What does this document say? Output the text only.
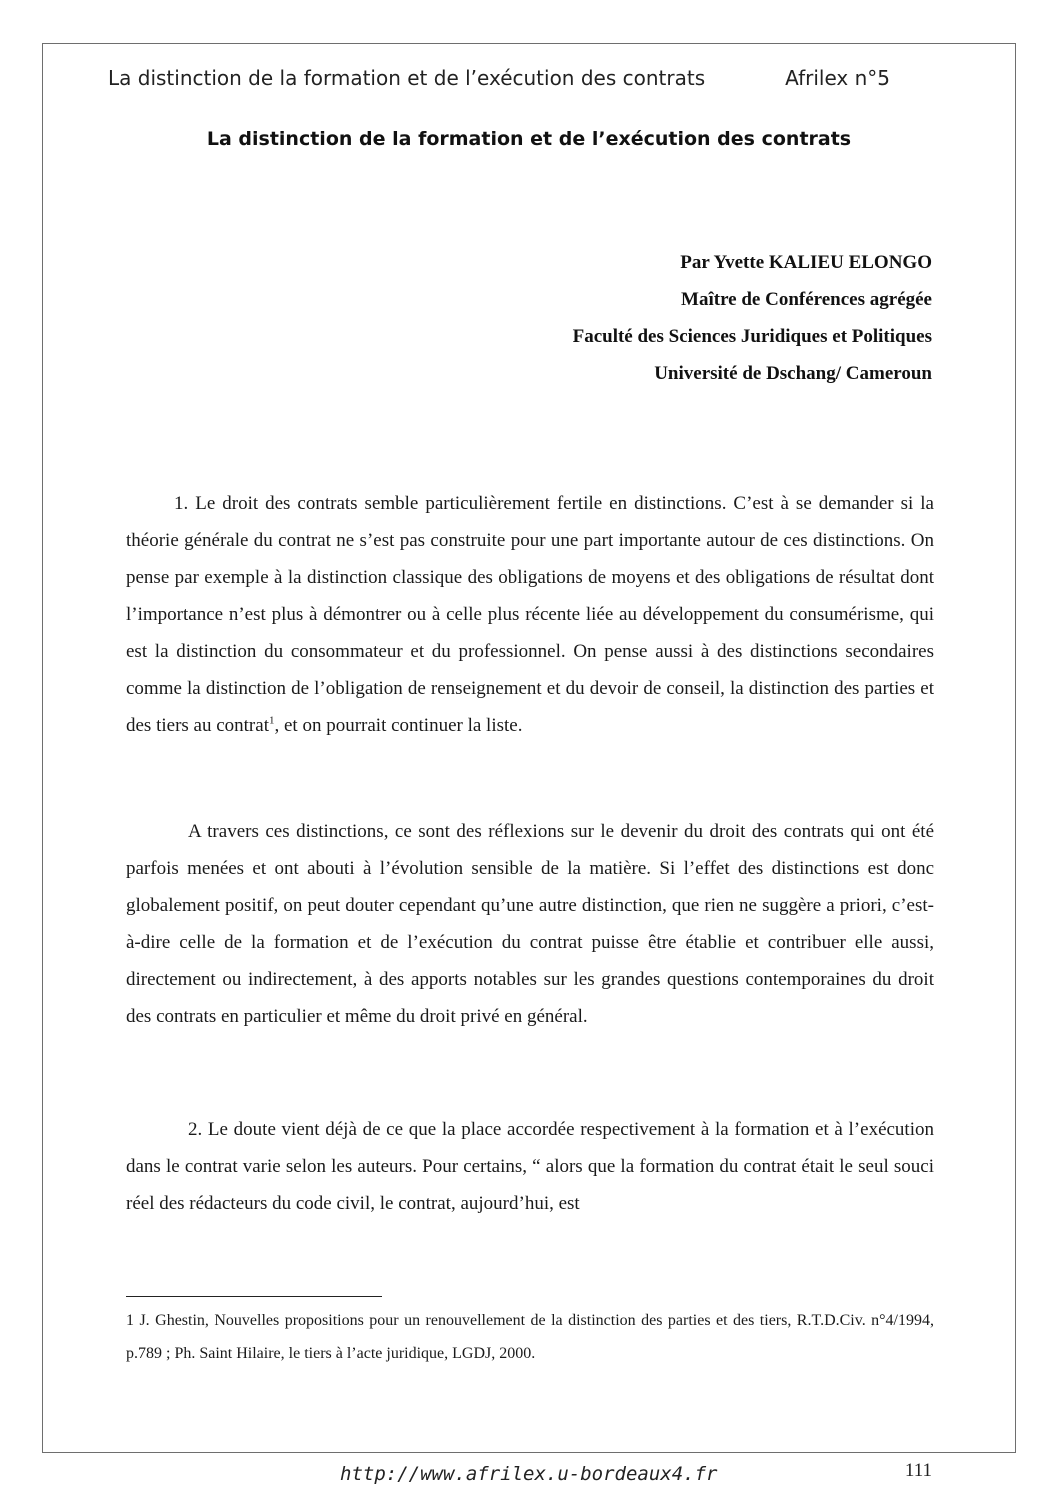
La distinction de la formation et de l’exécution des contrats	Afrilex n°5
La distinction de la formation et de l’exécution des contrats
Par Yvette KALIEU ELONGO
Maître de Conférences agrégée
Faculté des Sciences Juridiques et Politiques
Université de Dschang/ Cameroun

1. Le droit des contrats semble particulièrement fertile en distinctions. C’est à se demander si la théorie générale du contrat ne s’est pas construite pour une part importante autour de ces distinctions. On pense par exemple à la distinction classique des obligations de moyens et des obligations de résultat dont l’importance n’est plus à démontrer ou à celle plus récente liée au développement du consumérisme, qui est la distinction du consommateur et du professionnel. On pense aussi à des distinctions secondaires comme la distinction de l’obligation de renseignement et du devoir de conseil, la distinction des parties et des tiers au contrat$^1$, et on pourrait continuer la liste.

A travers ces distinctions, ce sont des réflexions sur le devenir du droit des contrats qui ont été parfois menées et ont abouti à l’évolution sensible de la matière. Si l’effet des distinctions est donc globalement positif, on peut douter cependant qu’une autre distinction, que rien ne suggère a priori, c’est-à-dire celle de la formation et de l’exécution du contrat puisse être établie et contribuer elle aussi, directement ou indirectement, à des apports notables sur les grandes questions contemporaines du droit des contrats en particulier et même du droit privé en général.

2. Le doute vient déjà de ce que la place accordée respectivement à la formation et à l’exécution dans le contrat varie selon les auteurs. Pour certains, “ alors que la formation du contrat était le seul souci réel des rédacteurs du code civil, le contrat, aujourd’hui, est

1 J. Ghestin, Nouvelles propositions pour un renouvellement de la distinction des parties et des tiers, R.T.D.Civ. n°4/1994, p.789 ; Ph. Saint Hilaire, le tiers à l’acte juridique, LGDJ, 2000.

http://www.afrilex.u-bordeaux4.fr	111
